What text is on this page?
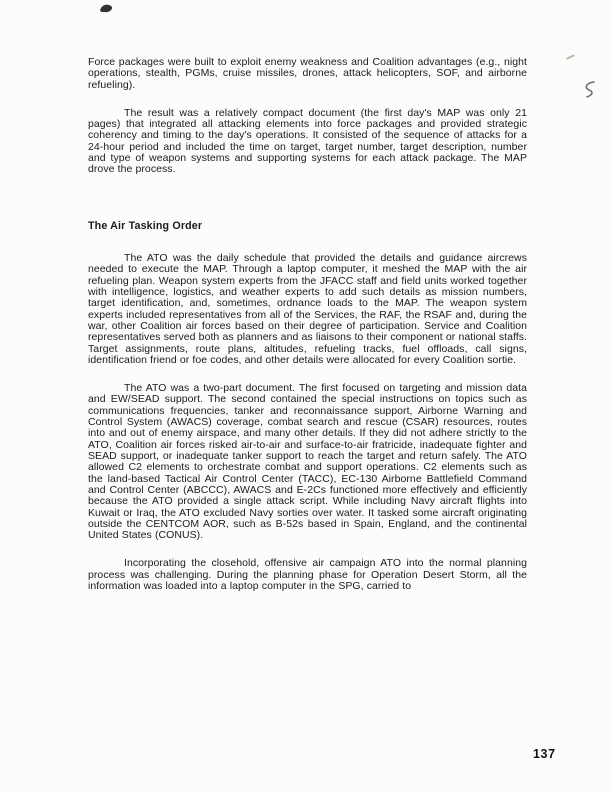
Force packages were built to exploit enemy weakness and Coalition advantages (e.g., night operations, stealth, PGMs, cruise missiles, drones, attack helicopters, SOF, and airborne refueling).

The result was a relatively compact document (the first day's MAP was only 21 pages) that integrated all attacking elements into force packages and provided strategic coherency and timing to the day's operations. It consisted of the sequence of attacks for a 24-hour period and included the time on target, target number, target description, number and type of weapon systems and supporting systems for each attack package. The MAP drove the process.

The Air Tasking Order

The ATO was the daily schedule that provided the details and guidance aircrews needed to execute the MAP. Through a laptop computer, it meshed the MAP with the air refueling plan. Weapon system experts from the JFACC staff and field units worked together with intelligence, logistics, and weather experts to add such details as mission numbers, target identification, and, sometimes, ordnance loads to the MAP. The weapon system experts included representatives from all of the Services, the RAF, the RSAF and, during the war, other Coalition air forces based on their degree of participation. Service and Coalition representatives served both as planners and as liaisons to their component or national staffs. Target assignments, route plans, altitudes, refueling tracks, fuel offloads, call signs, identification friend or foe codes, and other details were allocated for every Coalition sortie.

The ATO was a two-part document. The first focused on targeting and mission data and EW/SEAD support. The second contained the special instructions on topics such as communications frequencies, tanker and reconnaissance support, Airborne Warning and Control System (AWACS) coverage, combat search and rescue (CSAR) resources, routes into and out of enemy airspace, and many other details. If they did not adhere strictly to the ATO, Coalition air forces risked air-to-air and surface-to-air fratricide, inadequate fighter and SEAD support, or inadequate tanker support to reach the target and return safely. The ATO allowed C2 elements to orchestrate combat and support operations. C2 elements such as the land-based Tactical Air Control Center (TACC), EC-130 Airborne Battlefield Command and Control Center (ABCCC), AWACS and E-2Cs functioned more effectively and efficiently because the ATO provided a single attack script. While including Navy aircraft flights into Kuwait or Iraq, the ATO excluded Navy sorties over water. It tasked some aircraft originating outside the CENTCOM AOR, such as B-52s based in Spain, England, and the continental United States (CONUS).

Incorporating the closehold, offensive air campaign ATO into the normal planning process was challenging. During the planning phase for Operation Desert Storm, all the information was loaded into a laptop computer in the SPG, carried to

137
